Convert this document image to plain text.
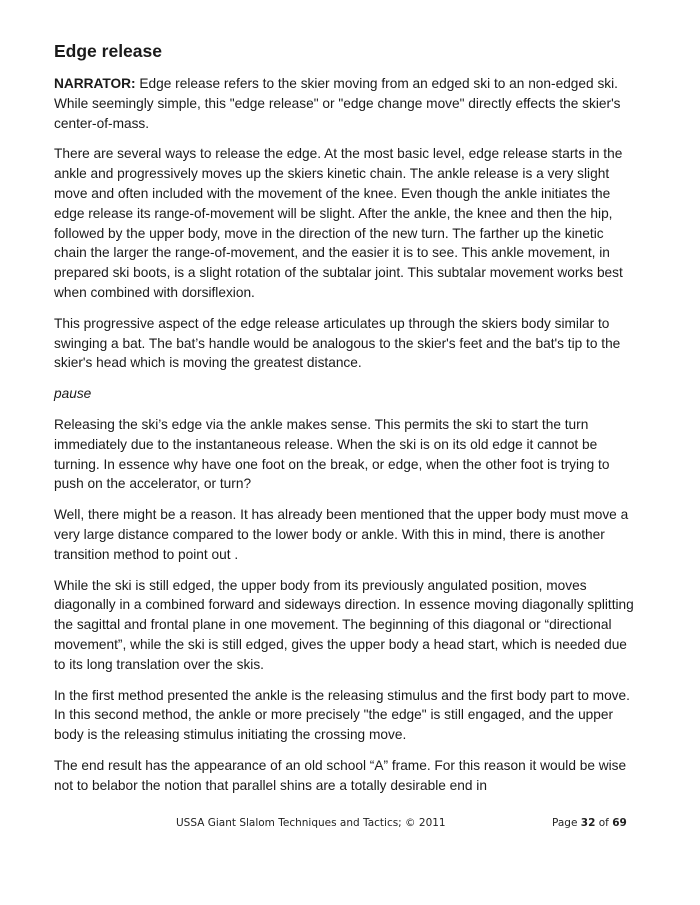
Edge release

NARRATOR: Edge release refers to the skier moving from an edged ski to an non-edged ski. While seemingly simple, this "edge release" or "edge change move" directly effects the skier's center-of-mass.

There are several ways to release the edge. At the most basic level, edge release starts in the ankle and progressively moves up the skiers kinetic chain. The ankle release is a very slight move and often included with the movement of the knee. Even though the ankle initiates the edge release its range-of-movement will be slight. After the ankle, the knee and then the hip, followed by the upper body, move in the direction of the new turn. The farther up the kinetic chain the larger the range-of-movement, and the easier it is to see. This ankle movement, in prepared ski boots, is a slight rotation of the subtalar joint. This subtalar movement works best when combined with dorsiflexion.

This progressive aspect of the edge release articulates up through the skiers body similar to swinging a bat. The bat’s handle would be analogous to the skier's feet and the bat's tip to the skier's head which is moving the greatest distance.

pause

Releasing the ski’s edge via the ankle makes sense. This permits the ski to start the turn immediately due to the instantaneous release. When the ski is on its old edge it cannot be turning. In essence why have one foot on the break, or edge, when the other foot is trying to push on the accelerator, or turn?

Well, there might be a reason. It has already been mentioned that the upper body must move a very large distance compared to the lower body or ankle. With this in mind, there is another transition method to point out .

While the ski is still edged, the upper body from its previously angulated position, moves diagonally in a combined forward and sideways direction. In essence moving diagonally splitting the sagittal and frontal plane in one movement. The beginning of this diagonal or “directional movement”, while the ski is still edged, gives the upper body a head start, which is needed due to its long translation over the skis.

In the first method presented the ankle is the releasing stimulus and the first body part to move. In this second method, the ankle or more precisely "the edge" is still engaged, and the upper body is the releasing stimulus initiating the crossing move.

The end result has the appearance of an old school “A” frame. For this reason it would be wise not to belabor the notion that parallel shins are a totally desirable end in

USSA Giant Slalom Techniques and Tactics; © 2011	Page 32 of 69
